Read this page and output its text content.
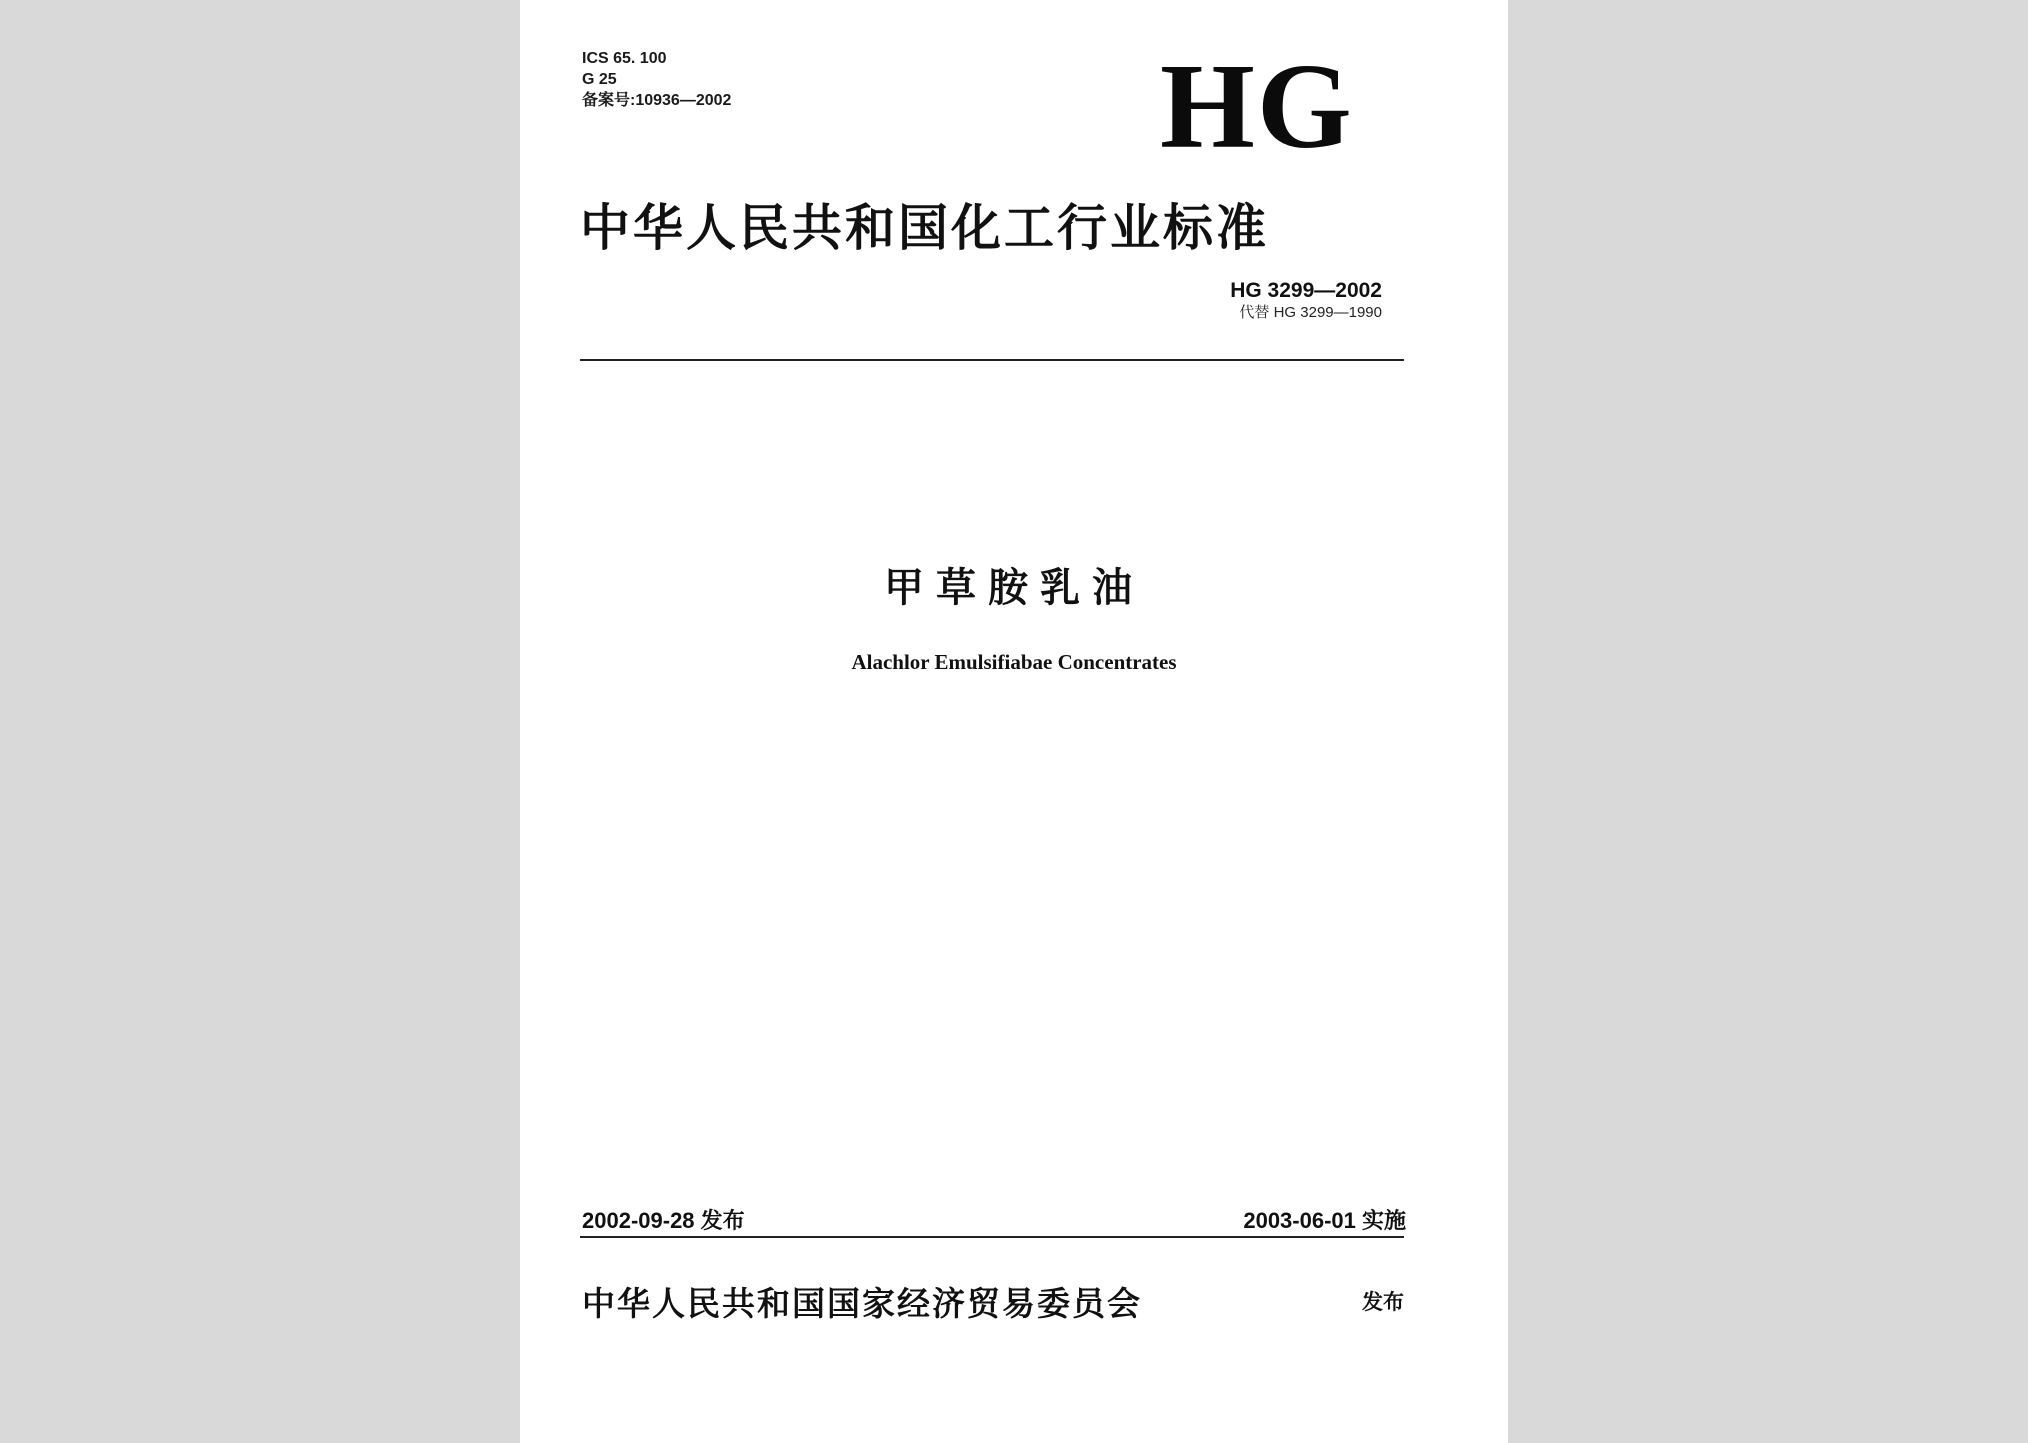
ICS 65. 100
G 25
备案号:10936—2002	HG
中华人民共和国化工行业标准
HG 3299—2002
代替 HG 3299—1990
甲草胺乳油
Alachlor Emulsifiabae Concentrates
2002-09-28 发布	2003-06-01 实施
中华人民共和国国家经济贸易委员会	发布
